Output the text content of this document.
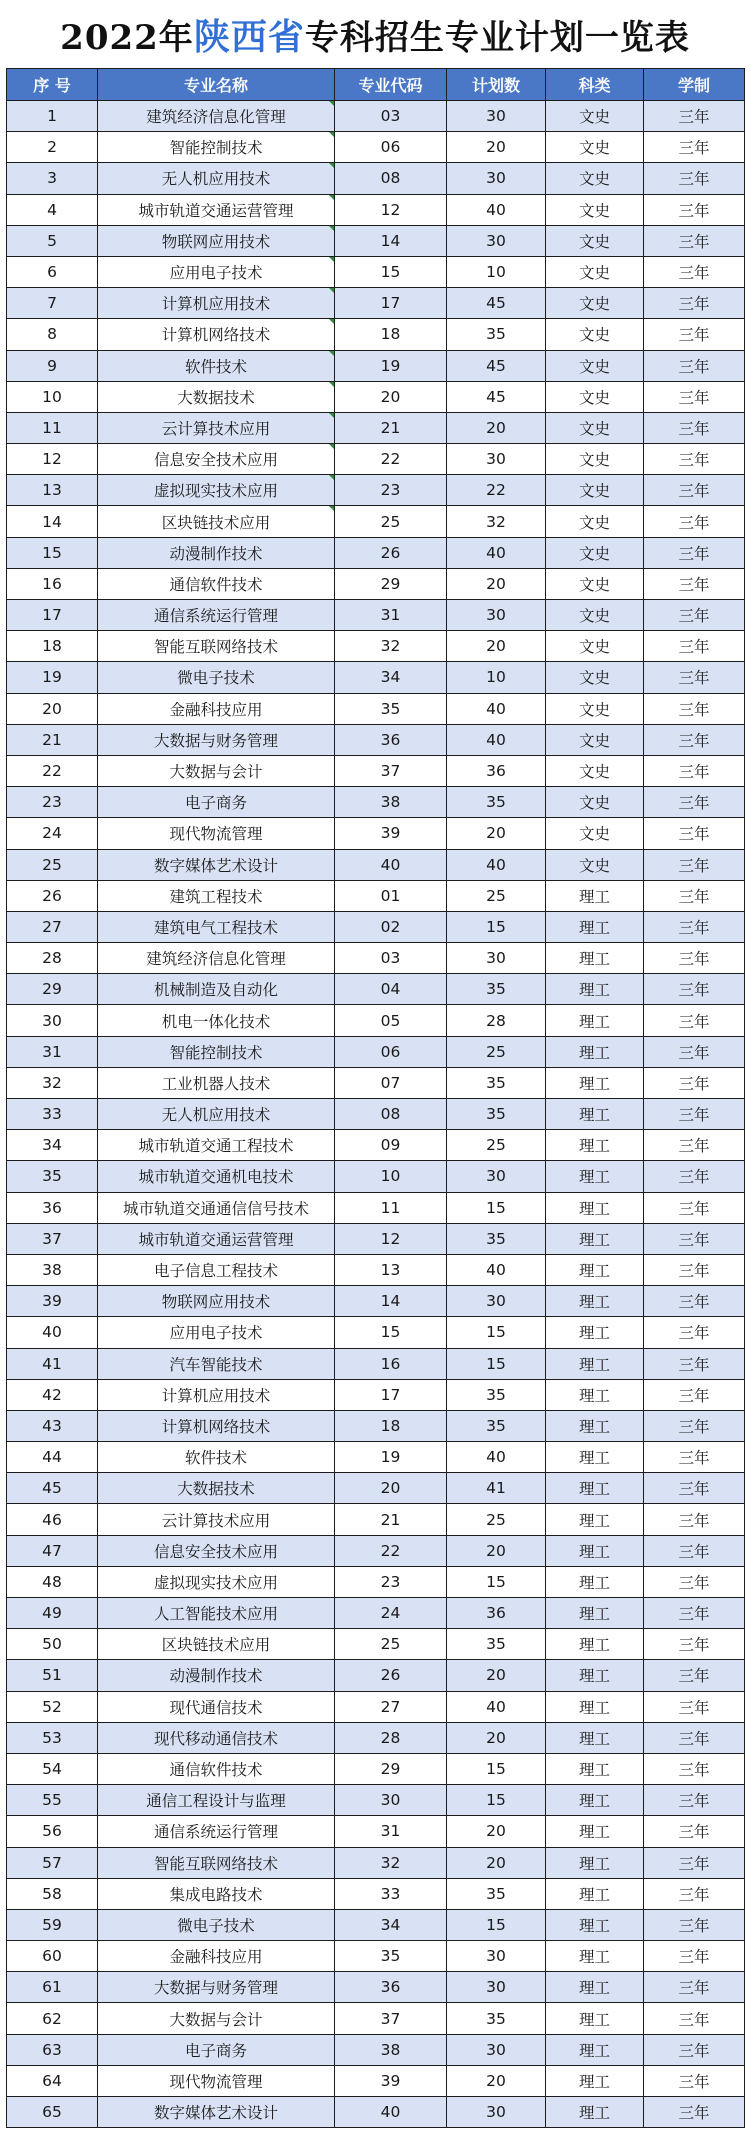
2022年 陕西省 专科招生专业计划一览表
序 号	专业名称	专业代码	计划数	科类	学制
1	建筑经济信息化管理	03	30	文史	三年
2	智能控制技术	06	20	文史	三年
3	无人机应用技术	08	30	文史	三年
4	城市轨道交通运营管理	12	40	文史	三年
5	物联网应用技术	14	30	文史	三年
6	应用电子技术	15	10	文史	三年
7	计算机应用技术	17	45	文史	三年
8	计算机网络技术	18	35	文史	三年
9	软件技术	19	45	文史	三年
10	大数据技术	20	45	文史	三年
11	云计算技术应用	21	20	文史	三年
12	信息安全技术应用	22	30	文史	三年
13	虚拟现实技术应用	23	22	文史	三年
14	区块链技术应用	25	32	文史	三年
15	动漫制作技术	26	40	文史	三年
16	通信软件技术	29	20	文史	三年
17	通信系统运行管理	31	30	文史	三年
18	智能互联网络技术	32	20	文史	三年
19	微电子技术	34	10	文史	三年
20	金融科技应用	35	40	文史	三年
21	大数据与财务管理	36	40	文史	三年
22	大数据与会计	37	36	文史	三年
23	电子商务	38	35	文史	三年
24	现代物流管理	39	20	文史	三年
25	数字媒体艺术设计	40	40	文史	三年
26	建筑工程技术	01	25	理工	三年
27	建筑电气工程技术	02	15	理工	三年
28	建筑经济信息化管理	03	30	理工	三年
29	机械制造及自动化	04	35	理工	三年
30	机电一体化技术	05	28	理工	三年
31	智能控制技术	06	25	理工	三年
32	工业机器人技术	07	35	理工	三年
33	无人机应用技术	08	35	理工	三年
34	城市轨道交通工程技术	09	25	理工	三年
35	城市轨道交通机电技术	10	30	理工	三年
36	城市轨道交通通信信号技术	11	15	理工	三年
37	城市轨道交通运营管理	12	35	理工	三年
38	电子信息工程技术	13	40	理工	三年
39	物联网应用技术	14	30	理工	三年
40	应用电子技术	15	15	理工	三年
41	汽车智能技术	16	15	理工	三年
42	计算机应用技术	17	35	理工	三年
43	计算机网络技术	18	35	理工	三年
44	软件技术	19	40	理工	三年
45	大数据技术	20	41	理工	三年
46	云计算技术应用	21	25	理工	三年
47	信息安全技术应用	22	20	理工	三年
48	虚拟现实技术应用	23	15	理工	三年
49	人工智能技术应用	24	36	理工	三年
50	区块链技术应用	25	35	理工	三年
51	动漫制作技术	26	20	理工	三年
52	现代通信技术	27	40	理工	三年
53	现代移动通信技术	28	20	理工	三年
54	通信软件技术	29	15	理工	三年
55	通信工程设计与监理	30	15	理工	三年
56	通信系统运行管理	31	20	理工	三年
57	智能互联网络技术	32	20	理工	三年
58	集成电路技术	33	35	理工	三年
59	微电子技术	34	15	理工	三年
60	金融科技应用	35	30	理工	三年
61	大数据与财务管理	36	30	理工	三年
62	大数据与会计	37	35	理工	三年
63	电子商务	38	30	理工	三年
64	现代物流管理	39	20	理工	三年
65	数字媒体艺术设计	40	30	理工	三年
